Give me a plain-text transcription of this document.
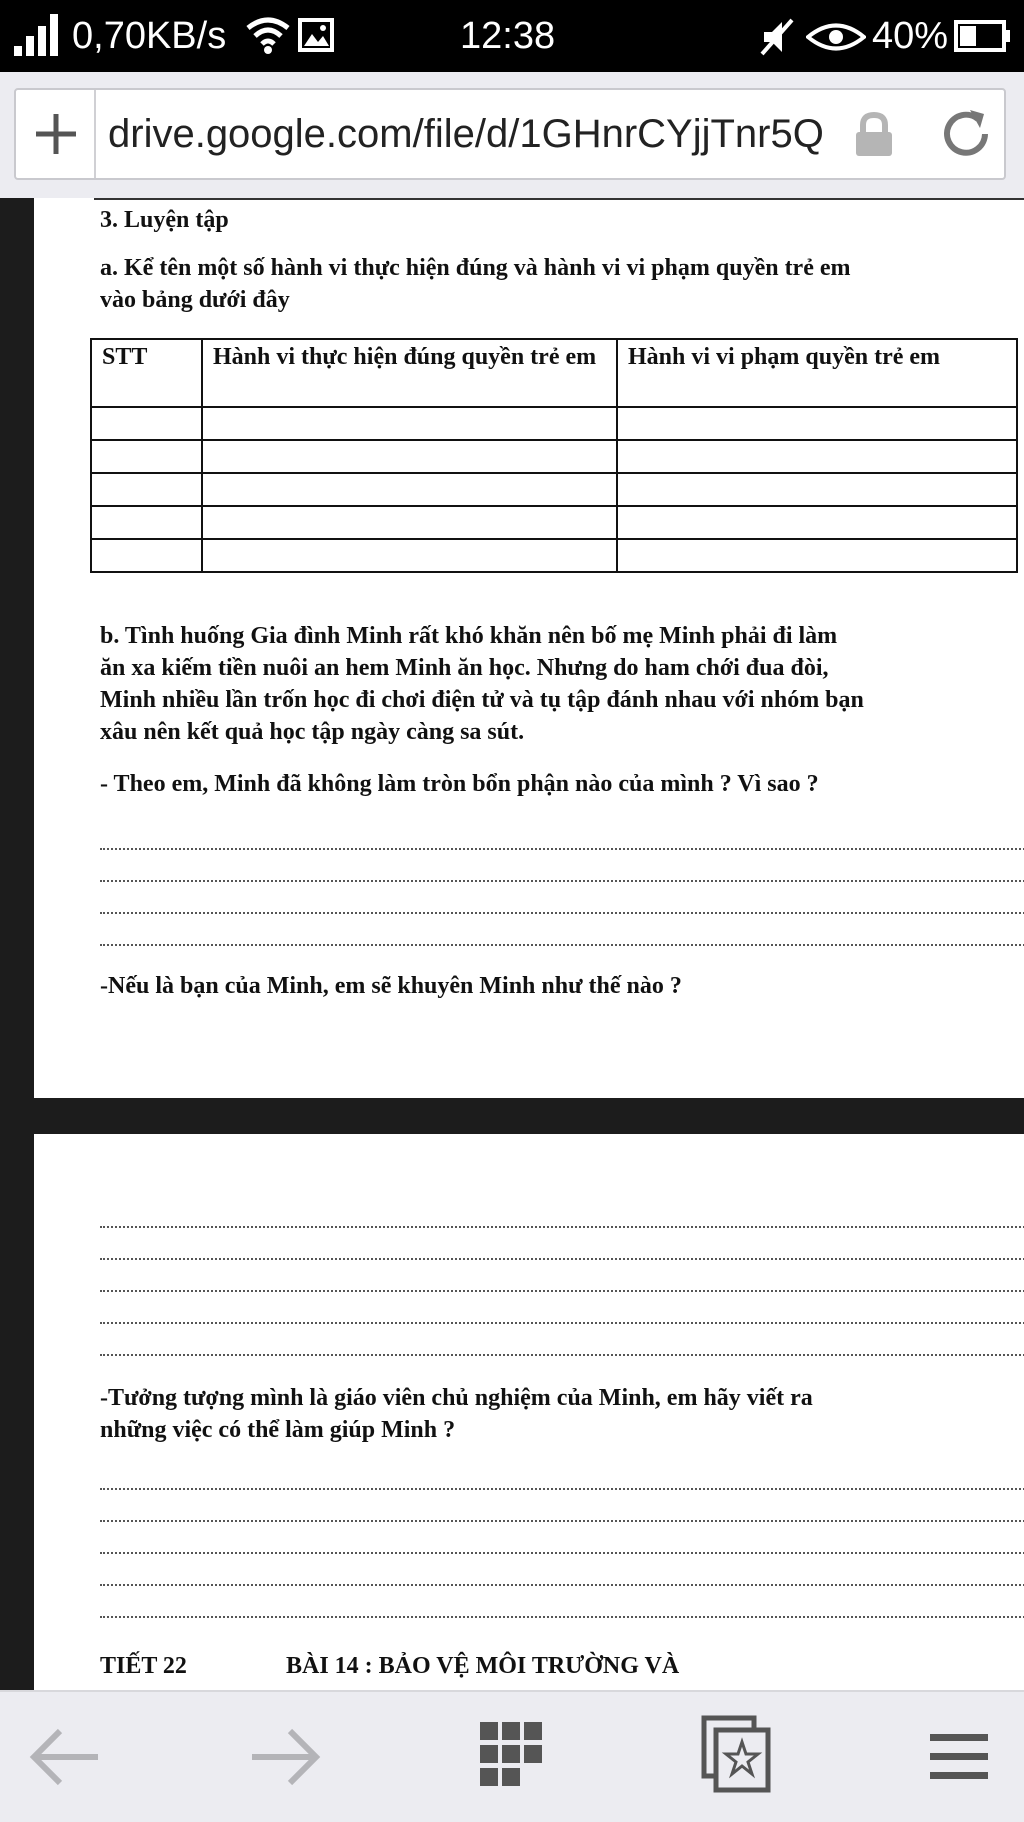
0,70KB/s	12:38	40%
drive.google.com/file/d/1GHnrCYjjTnr5Q

3. Luyện tập

a. Kể tên một số hành vi thực hiện đúng và hành vi vi phạm quyền trẻ em

vào bảng dưới đây

STT	Hành vi thực hiện đúng quyền trẻ em	Hành vi vi phạm quyền trẻ em

b. Tình huống Gia đình Minh rất khó khăn nên bố mẹ Minh phải đi làm

ăn xa kiếm tiền nuôi an hem Minh ăn học. Nhưng do ham chới đua đòi,

Minh nhiều lần trốn học đi chơi điện tử và tụ tập đánh nhau với nhóm bạn

xâu nên kết quả học tập ngày càng sa sút.

- Theo em, Minh đã không làm tròn bổn phận nào của mình ? Vì sao ?

-Nếu là bạn của Minh, em sẽ khuyên Minh như thế nào ?

-Tưởng tượng mình là giáo viên chủ nghiệm của Minh, em hãy viết ra

những việc có thể làm giúp Minh ?

TIẾT 22	BÀI 14 : BẢO VỆ MÔI TRƯỜNG VÀ
